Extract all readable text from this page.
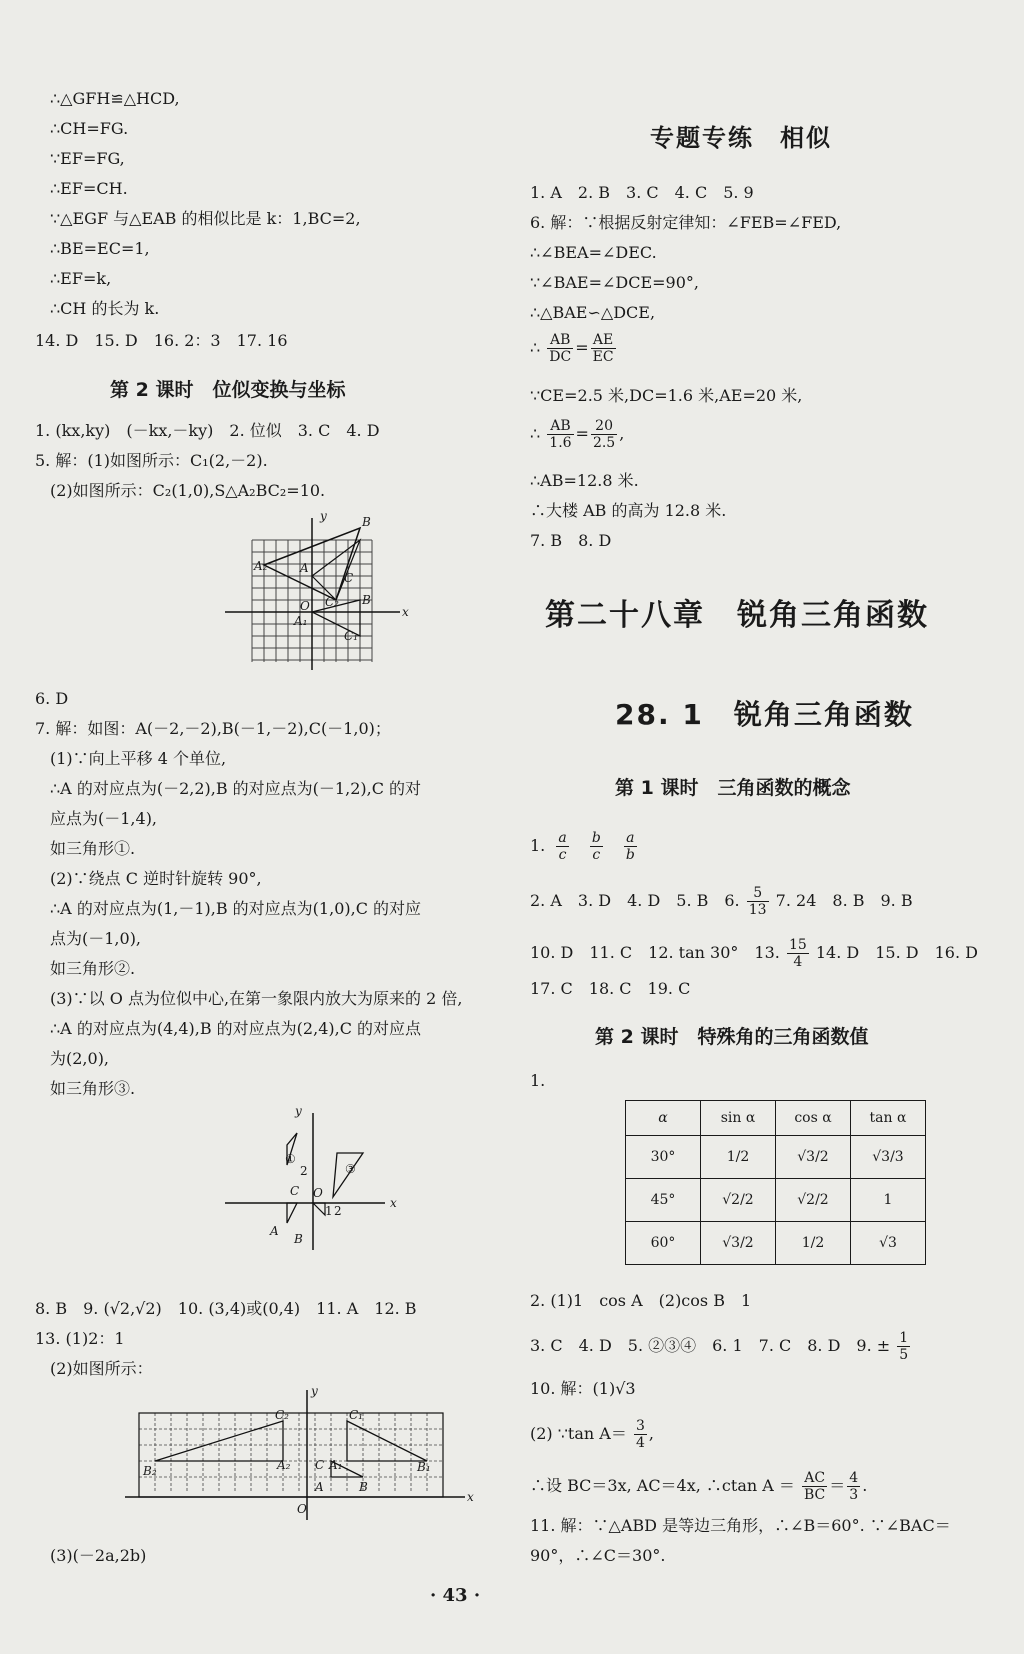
∴△GFH≌△HCD,
∴CH=FG.
∵EF=FG,
∴EF=CH.
∵△EGF 与△EAB 的相似比是 k：1,BC=2,
∴BE=EC=1,
∴EF=k,
∴CH 的长为 k.
14. D　15. D　16. 2：3　17. 16
第 2 课时　位似变换与坐标
1. (kx,ky)　(－kx,－ky)　2. 位似　3. C　4. D
5. 解：(1)如图所示：C₁(2,－2).
(2)如图所示：C₂(1,0),S△A₂BC₂=10.
y
x
B
A₂	A
C
C₂ B
O
A₁
C₁
6. D
7. 解：如图：A(－2,－2),B(－1,－2),C(－1,0)；
(1)∵向上平移 4 个单位,
∴A 的对应点为(－2,2),B 的对应点为(－1,2),C 的对
应点为(－1,4),
如三角形①.
(2)∵绕点 C 逆时针旋转 90°,
∴A 的对应点为(1,－1),B 的对应点为(1,0),C 的对应
点为(－1,0),
如三角形②.
(3)∵以 O 点为位似中心,在第一象限内放大为原来的 2 倍,
∴A 的对应点为(4,4),B 的对应点为(2,4),C 的对应点
为(2,0),
如三角形③.
y
x
③
①
2
C O
1 2
A
B
8. B　9. (√2,√2)　10. (3,4)或(0,4)　11. A　12. B
13. (1)2：1
(2)如图所示：
y
x
C₂	C₁
A₂	A₁
B₂	B₁
C
A	B
O
(3)(－2a,2b)
专题专练　相似
1. A　2. B　3. C　4. C　5. 9
6. 解：∵根据反射定律知：∠FEB=∠FED,
∴∠BEA=∠DEC.
∵∠BAE=∠DCE=90°,
∴△BAE∽△DCE,
∴ $\frac{AB}{DC} = \frac{AE}{EC}$
∵CE=2.5 米,DC=1.6 米,AE=20 米,
∴ $\frac{AB}{1.6} = \frac{20}{2.5}$ ,
∴AB=12.8 米.
∴大楼 AB 的高为 12.8 米.
7. B　8. D
第二十八章　锐角三角函数
28. 1　锐角三角函数
第 1 课时　三角函数的概念
1. $\frac{a}{c}$
$\frac{b}{c}$
$\frac{a}{b}$
2. A　3. D　4. D　5. B　6. $\frac{5}{13} 7$. 24　8. B　9. B
10. D　11. C　12. tan 30°　13. $\frac{15}{4} 14$. D　15. D　16. D
17. C　18. C　19. C
第 2 课时　特殊角的三角函数值
1.
α	sin α	cos α	tan α
30°	1/2	√3/2	√3/3
45°	√2/2	√2/2	1
60°	√3/2	1/2	√3
2. (1)1　cos A　(2)cos B　1
3. C　4. D　5. ②③④　6. 1　7. C　8. D　9. ± $\frac{1}{5}$
10. 解：(1)√3
(2) ∵tan $A= \frac{3}{4}$ ,
∴设 BC＝3x, AC＝4x, ∴ctan $A = \frac{AC}{BC} = \frac{4}{3}$ .
11. 解：∵△ABD 是等边三角形，∴∠B＝60°. ∵∠BAC＝
90°，∴∠C＝30°.
· 43 ·
